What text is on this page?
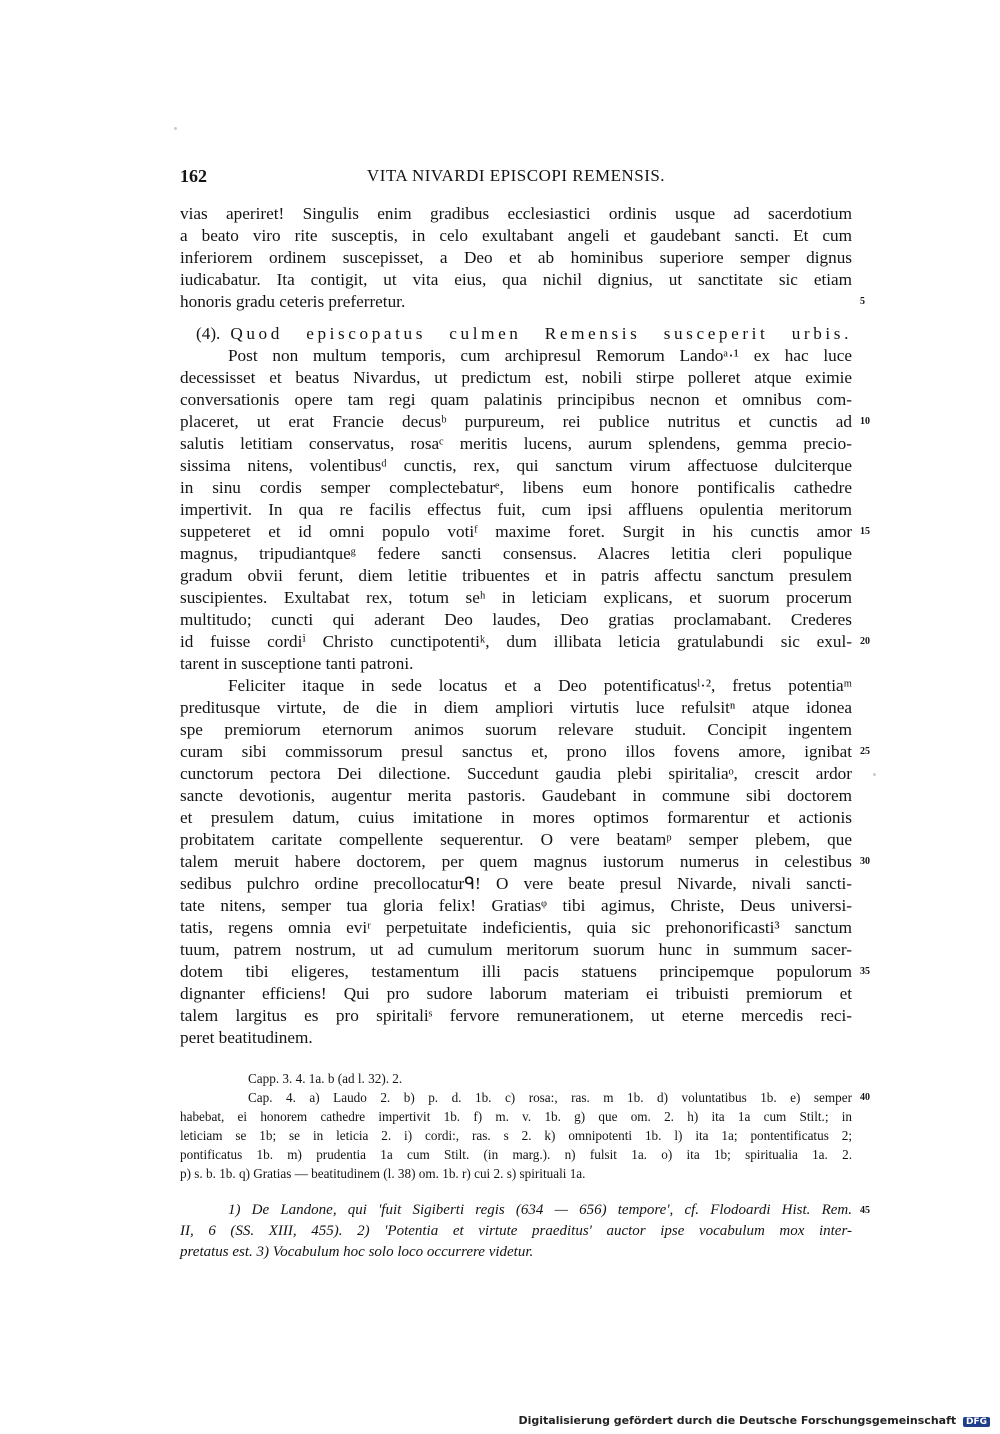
162	VITA NIVARDI EPISCOPI REMENSIS.
vias aperiret! Singulis enim gradibus ecclesiastici ordinis usque ad sacerdotium
a beato viro rite susceptis, in celo exultabant angeli et gaudebant sancti. Et cum
inferiorem ordinem suscepisset, a Deo et ab hominibus superiore semper dignus
iudicabatur. Ita contigit, ut vita eius, qua nichil dignius, ut sanctitate sic etiam
honoris gradu ceteris preferretur.	5
(4). Quod episcopatus culmen Remensis susceperit urbis.
Post non multum temporis, cum archipresul Remorum Landoᵃ·¹ ex hac luce
decessisset et beatus Nivardus, ut predictum est, nobili stirpe polleret atque eximie
conversationis opere tam regi quam palatinis principibus necnon et omnibus com-
placeret, ut erat Francie decusᵇ purpureum, rei publice nutritus et cunctis ad 10
salutis letitiam conservatus, rosaᶜ meritis lucens, aurum splendens, gemma precio-
sissima nitens, volentibusᵈ cunctis, rex, qui sanctum virum affectuose dulciterque
in sinu cordis semper complectebaturᵉ, libens eum honore pontificalis cathedre
impertivit. In qua re facilis effectus fuit, cum ipsi affluens opulentia meritorum
suppeteret et id omni populo votiᶠ maxime foret. Surgit in his cunctis amor 15
magnus, tripudiantqueᵍ federe sancti consensus. Alacres letitia cleri populique
gradum obvii ferunt, diem letitie tribuentes et in patris affectu sanctum presulem
suscipientes. Exultabat rex, totum seʰ in leticiam explicans, et suorum procerum
multitudo; cuncti qui aderant Deo laudes, Deo gratias proclamabant. Crederes
id fuisse cordiⁱ Christo cunctipotentiᵏ, dum illibata leticia gratulabundi sic exul- 20
tarent in susceptione tanti patroni.
Feliciter itaque in sede locatus et a Deo potentificatusˡ·², fretus potentiaᵐ
preditusque virtute, de die in diem ampliori virtutis luce refulsitⁿ atque idonea
spe premiorum eternorum animos suorum relevare studuit. Concipit ingentem
curam sibi commissorum presul sanctus et, prono illos fovens amore, ignibat 25
cunctorum pectora Dei dilectione. Succedunt gaudia plebi spiritaliaᵒ, crescit ardor
sancte devotionis, augentur merita pastoris. Gaudebant in commune sibi doctorem
et presulem datum, cuius imitatione in mores optimos formarentur et actionis
probitatem caritate compellente sequerentur. O vere beatamᵖ semper plebem, que
talem meruit habere doctorem, per quem magnus iustorum numerus in celestibus 30
sedibus pulchro ordine precollocaturᑫ! O vere beate presul Nivarde, nivali sancti-
tate nitens, semper tua gloria felix! Gratiasᵠ tibi agimus, Christe, Deus universi-
tatis, regens omnia eviʳ perpetuitate indeficientis, quia sic prehonorificasti³ sanctum
tuum, patrem nostrum, ut ad cumulum meritorum suorum hunc in summum sacer-
dotem tibi eligeres, testamentum illi pacis statuens principemque populorum 35
dignanter efficiens! Qui pro sudore laborum materiam ei tribuisti premiorum et
talem largitus es pro spiritaliˢ fervore remunerationem, ut eterne mercedis reci-
peret beatitudinem.
Capp. 3. 4. 1a. b (ad l. 32). 2.
Cap. 4. a) Laudo 2. b) p. d. 1b. c) rosa:, ras. m 1b. d) voluntatibus 1b. e) semper 40
habebat, ei honorem cathedre impertivit 1b. f) m. v. 1b. g) que om. 2. h) ita 1a cum Stilt.; in
leticiam se 1b; se in leticia 2. i) cordi:, ras. s 2. k) omnipotenti 1b. l) ita 1a; pontentificatus 2;
pontificatus 1b. m) prudentia 1a cum Stilt. (in marg.). n) fulsit 1a. o) ita 1b; spiritualia 1a. 2.
p) s. b. 1b. q) Gratias — beatitudinem (l. 38) om. 1b. r) cui 2. s) spirituali 1a.
1) De Landone, qui 'fuit Sigiberti regis (634 — 656) tempore', cf. Flodoardi Hist. Rem. 45
II, 6 (SS. XIII, 455). 2) 'Potentia et virtute praeditus' auctor ipse vocabulum mox inter-
pretatus est. 3) Vocabulum hoc solo loco occurrere videtur.
Digitalisierung gefördert durch die Deutsche Forschungsgemeinschaft DFG
